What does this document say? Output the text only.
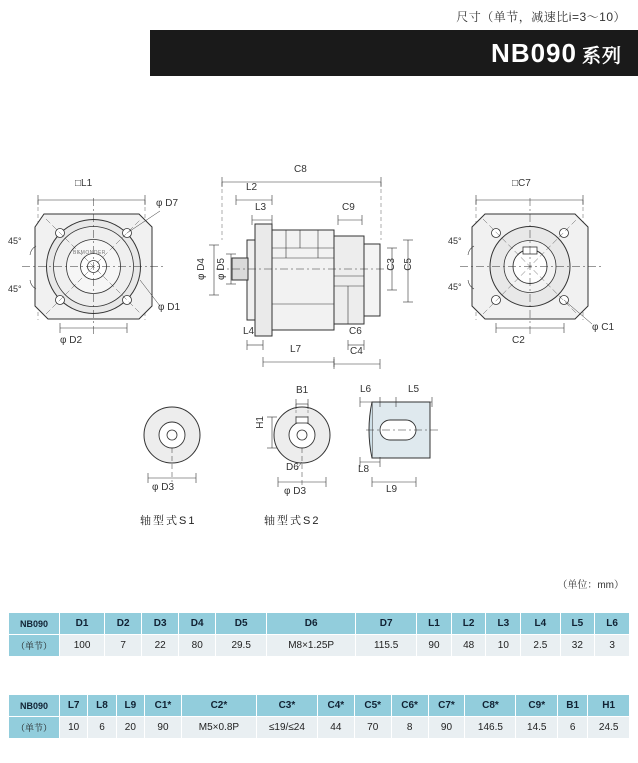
尺寸（单节，减速比i=3～10）
NB090 系列
□L1
φ D7
45°
45°
φ D1
φ D2
BEMONDER
C8
L2
L3	C9
φ D4 φ D5	C3 C5
L4	C6
L7	C4
□C7
45°
45°
φ C1
C2
B1
H1
D6
φ D3	φ D3
L6	L5
L8
L9
轴型式S1	轴型式S2
（单位：mm）
NB090	D1	D2	D3	D4	D5	D6	D7	L1	L2	L3	L4	L5	L6
（单节）	100	7	22	80	29.5	M8×1.25P	115.5	90	48	10	2.5	32	3
NB090	L7	L8	L9	C1*	C2*	C3*	C4*	C5*	C6*	C7*	C8*	C9*	B1	H1
（单节）	10	6	20	90	M5×0.8P	≤19/≤24	44	70	8	90	146.5	14.5	6	24.5
